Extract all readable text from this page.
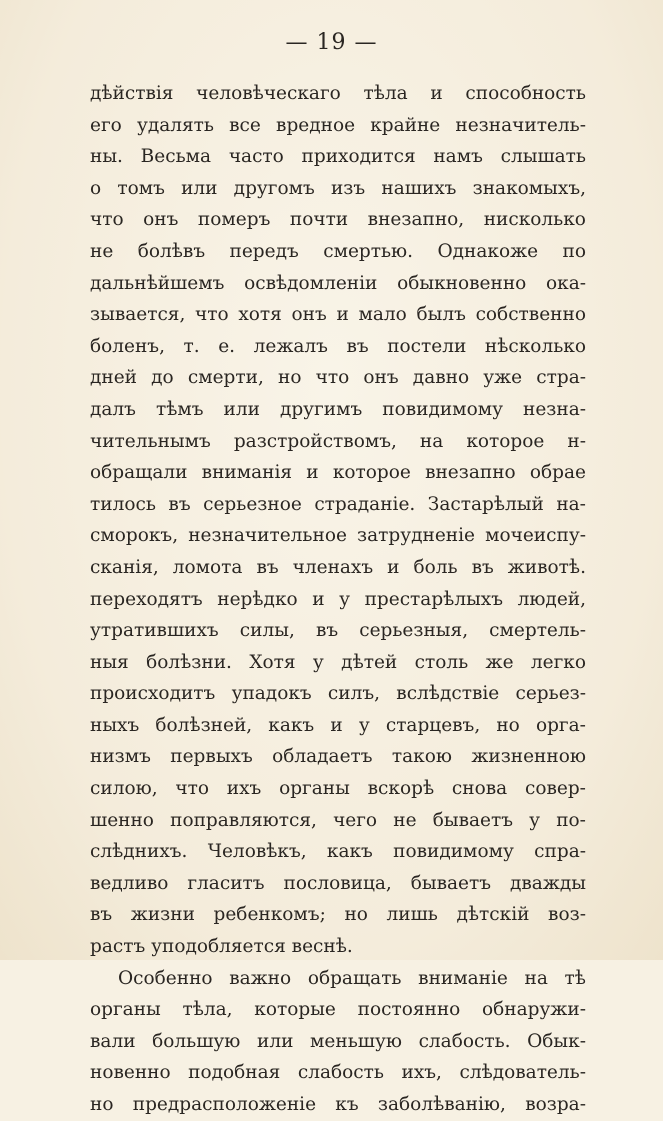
— 19 —
дѣйствія человѣческаго тѣла и способность
его удалять все вредное крайне незначитель-
ны. Весьма часто приходится намъ слышать
о томъ или другомъ изъ нашихъ знакомыхъ,
что онъ померъ почти внезапно, нисколько
не болѣвъ передъ смертью. Однакоже по
дальнѣйшемъ освѣдомленіи обыкновенно ока-
зывается, что хотя онъ и мало былъ собственно
боленъ, т. е. лежалъ въ постели нѣсколько
дней до смерти, но что онъ давно уже стра-
далъ тѣмъ или другимъ повидимому незна-
чительнымъ разстройствомъ, на которое н-
обращали вниманія и которое внезапно обрае
тилось въ серьезное страданіе. Застарѣлый на-
сморокъ, незначительное затрудненіе мочеиспу-
сканія, ломота въ членахъ и боль въ животѣ.
переходятъ нерѣдко и у престарѣлыхъ людей,
утратившихъ силы, въ серьезныя, смертель-
ныя болѣзни. Хотя у дѣтей столь же легко
происходитъ упадокъ силъ, вслѣдствіе серьез-
ныхъ болѣзней, какъ и у старцевъ, но орга-
низмъ первыхъ обладаетъ такою жизненною
силою, что ихъ органы вскорѣ снова совер-
шенно поправляются, чего не бываетъ у по-
слѣднихъ. Человѣкъ, какъ повидимому спра-
ведливо гласитъ пословица, бываетъ дважды
въ жизни ребенкомъ; но лишь дѣтскій воз-
растъ уподобляется веснѣ.
Особенно важно обращать вниманіе на тѣ
органы тѣла, которые постоянно обнаружи-
вали большую или меньшую слабость. Обык-
новенно подобная слабость ихъ, слѣдователь-
но предрасположеніе къ заболѣванію, возра-
